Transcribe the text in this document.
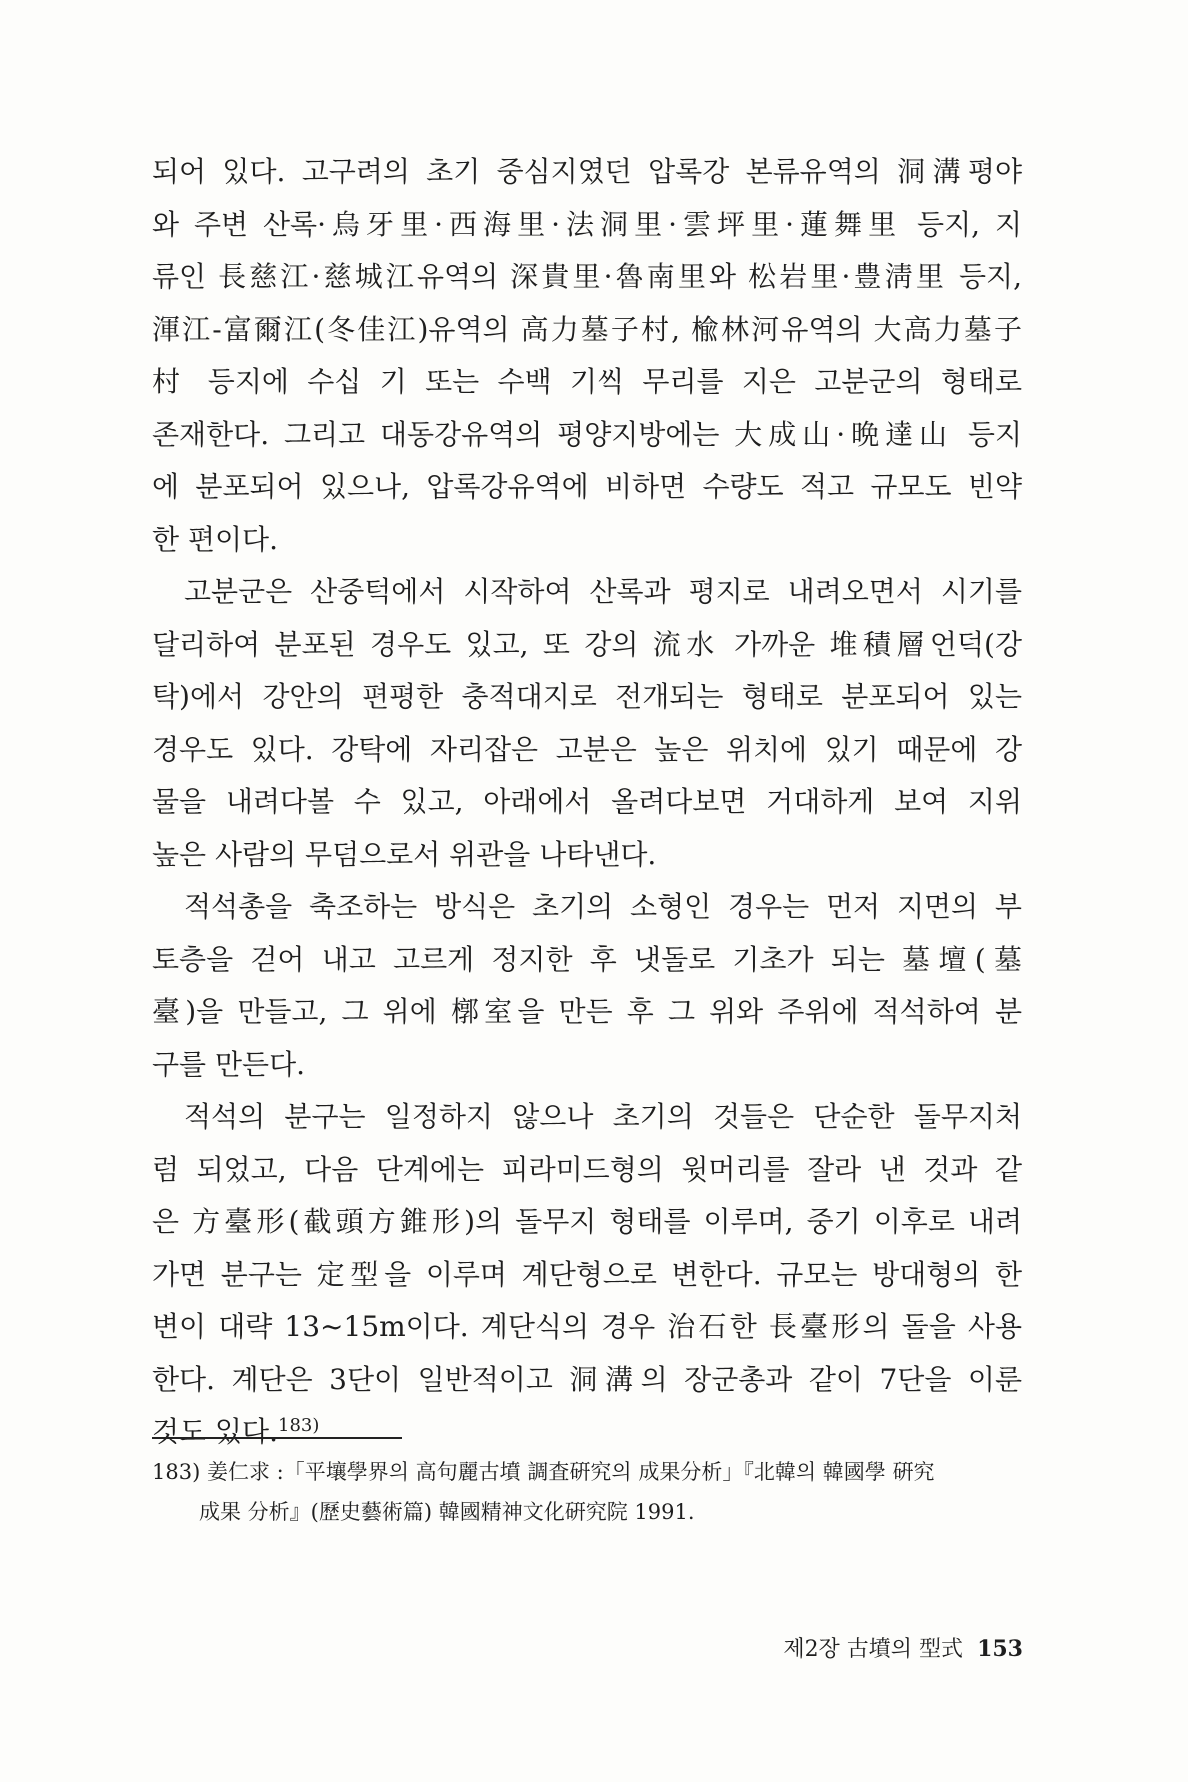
되어 있다. 고구려의 초기 중심지였던 압록강 본류유역의 洞溝평야
와 주변 산록·烏牙里·西海里·法洞里·雲坪里·蓮舞里 등지, 지
류인 長慈江·慈城江유역의 深貴里·魯南里와 松岩里·豊淸里 등지,
渾江-富爾江(冬佳江)유역의 高力墓子村, 楡林河유역의 大高力墓子
村 등지에 수십 기 또는 수백 기씩 무리를 지은 고분군의 형태로
존재한다. 그리고 대동강유역의 평양지방에는 大成山·晩達山 등지
에 분포되어 있으나, 압록강유역에 비하면 수량도 적고 규모도 빈약
한 편이다.

고분군은 산중턱에서 시작하여 산록과 평지로 내려오면서 시기를
달리하여 분포된 경우도 있고, 또 강의 流水 가까운 堆積層언덕(강
탁)에서 강안의 편평한 충적대지로 전개되는 형태로 분포되어 있는
경우도 있다. 강탁에 자리잡은 고분은 높은 위치에 있기 때문에 강
물을 내려다볼 수 있고, 아래에서 올려다보면 거대하게 보여 지위
높은 사람의 무덤으로서 위관을 나타낸다.

적석총을 축조하는 방식은 초기의 소형인 경우는 먼저 지면의 부
토층을 걷어 내고 고르게 정지한 후 냇돌로 기초가 되는 墓壇(墓
臺)을 만들고, 그 위에 槨室을 만든 후 그 위와 주위에 적석하여 분
구를 만든다.

적석의 분구는 일정하지 않으나 초기의 것들은 단순한 돌무지처
럼 되었고, 다음 단계에는 피라미드형의 윗머리를 잘라 낸 것과 같
은 方臺形(截頭方錐形)의 돌무지 형태를 이루며, 중기 이후로 내려
가면 분구는 定型을 이루며 계단형으로 변한다. 규모는 방대형의 한
변이 대략 13~15m이다. 계단식의 경우 治石한 長臺形의 돌을 사용
한다. 계단은 3단이 일반적이고 洞溝의 장군총과 같이 7단을 이룬
것도 있다.$^{183)}$

183) 姜仁求 :「平壤學界의 高句麗古墳 調査硏究의 成果分析」『北韓의 韓國學 硏究
成果 分析』(歷史藝術篇) 韓國精神文化硏究院 1991.
제2장 古墳의 型式 153
